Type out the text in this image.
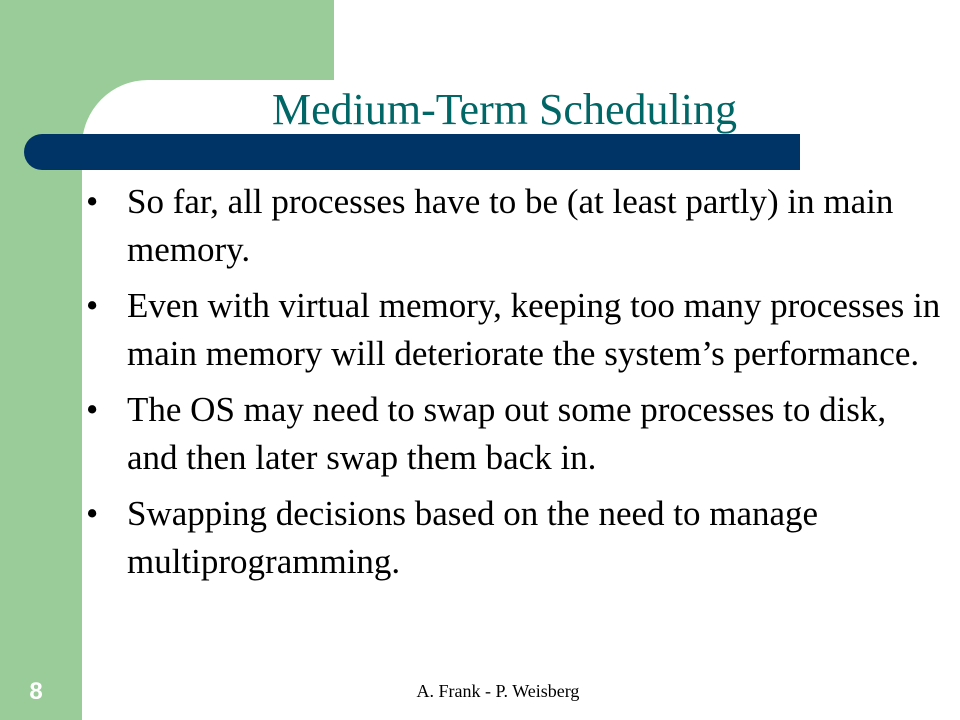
Medium-Term Scheduling
• So far, all processes have to be (at least partly) in main memory.
• Even with virtual memory, keeping too many processes in main memory will deteriorate the system’s performance.
• The OS may need to swap out some processes to disk, and then later swap them back in.
• Swapping decisions based on the need to manage multiprogramming.
8	A. Frank - P. Weisberg
